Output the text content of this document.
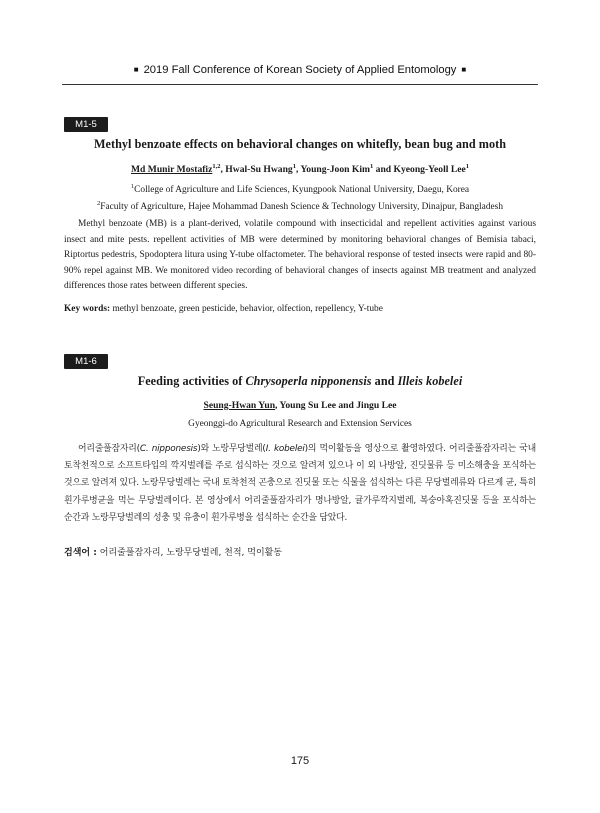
■ 2019 Fall Conference of Korean Society of Applied Entomology ■
M1-5
Methyl benzoate effects on behavioral changes on whitefly, bean bug and moth
Md Munir Mostafiz$^{1,2}$, Hwal-Su Hwang$^1$, Young-Joon Kim$^1$ and Kyeong-Yeoll Lee$^1$
$^1$College of Agriculture and Life Sciences, Kyungpook National University, Daegu, Korea
$^2$Faculty of Agriculture, Hajee Mohammad Danesh Science & Technology University, Dinajpur, Bangladesh

Methyl benzoate (MB) is a plant-derived, volatile compound with insecticidal and repellent activities against various insect and mite pests. repellent activities of MB were determined by monitoring behavioral changes of Bemisia tabaci, Riptortus pedestris, Spodoptera litura using Y-tube olfactometer. The behavioral response of tested insects were rapid and 80-90% repel against MB. We monitored video recording of behavioral changes of insects against MB treatment and analyzed differences those rates between different species.

Key words: methyl benzoate, green pesticide, behavior, olfection, repellency, Y-tube
M1-6
Feeding activities of Chrysoperla nipponensis and Illeis kobelei
Seung-Hwan Yun, Young Su Lee and Jingu Lee
Gyeonggi-do Agricultural Research and Extension Services

어리줄풀잠자리(C. nipponesis)와 노랑무당벌레(I. kobelei)의 먹이활동을 영상으로 촬영하였다. 어리줄풀잠자리는 국내 토착천적으로 소프트타입의 깍지벌레를 주로 섭식하는 것으로 알려져 있으나 이 외 나방알, 진딧물류 등 미소해충을 포식하는 것으로 알려져 있다. 노랑무당벌레는 국내 토착천적 곤충으로 진딧물 또는 식물을 섭식하는 다른 무당벌레류와 다르게 균, 특히 흰가루병균을 먹는 무당벌레이다. 본 영상에서 어리줄풀잠자리가 명나방알, 귤가루깍지벌레, 복숭아혹진딧물 등을 포식하는 순간과 노랑무당벌레의 성충 및 유충이 흰가루병을 섭식하는 순간을 담았다.

검색어 : 어리줄풀잠자리, 노랑무당벌레, 천적, 먹이활동
175
